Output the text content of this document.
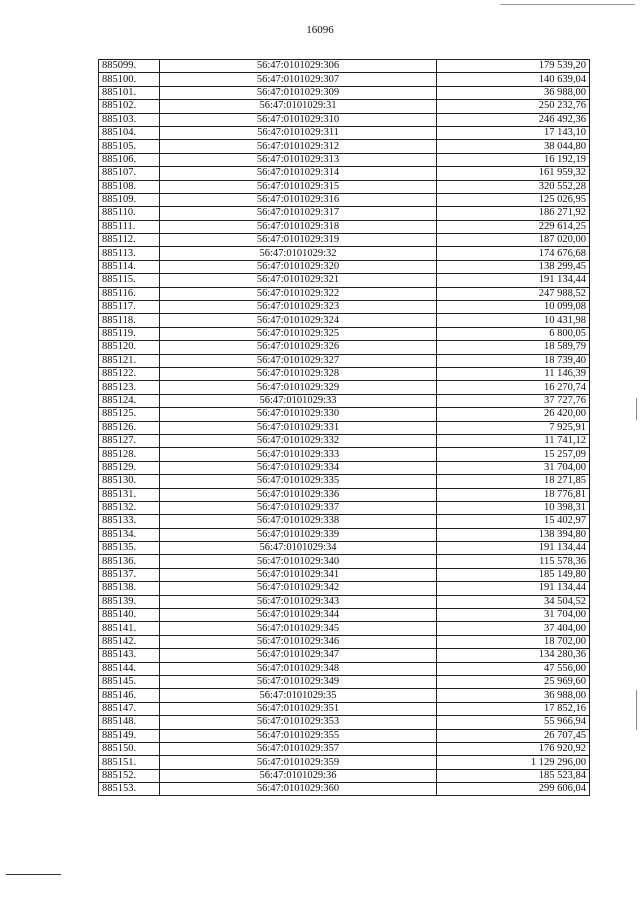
16096
885099.	56:47:0101029:306	179 539,20
885100.	56:47:0101029:307	140 639,04
885101.	56:47:0101029:309	36 988,00
885102.	56:47:0101029:31	250 232,76
885103.	56:47:0101029:310	246 492,36
885104.	56:47:0101029:311	17 143,10
885105.	56:47:0101029:312	38 044,80
885106.	56:47:0101029:313	16 192,19
885107.	56:47:0101029:314	161 959,32
885108.	56:47:0101029:315	320 552,28
885109.	56:47:0101029:316	125 026,95
885110.	56:47:0101029:317	186 271,92
885111.	56:47:0101029:318	229 614,25
885112.	56:47:0101029:319	187 020,00
885113.	56:47:0101029:32	174 676,68
885114.	56:47:0101029:320	138 299,45
885115.	56:47:0101029:321	191 134,44
885116.	56:47:0101029:322	247 988,52
885117.	56:47:0101029:323	10 099,08
885118.	56:47:0101029:324	10 431,98
885119.	56:47:0101029:325	6 800,05
885120.	56:47:0101029:326	18 589,79
885121.	56:47:0101029:327	18 739,40
885122.	56:47:0101029:328	11 146,39
885123.	56:47:0101029:329	16 270,74
885124.	56:47:0101029:33	37 727,76
885125.	56:47:0101029:330	26 420,00
885126.	56:47:0101029:331	7 925,91
885127.	56:47:0101029:332	11 741,12
885128.	56:47:0101029:333	15 257,09
885129.	56:47:0101029:334	31 704,00
885130.	56:47:0101029:335	18 271,85
885131.	56:47:0101029:336	18 776,81
885132.	56:47:0101029:337	10 398,31
885133.	56:47:0101029:338	15 402,97
885134.	56:47:0101029:339	138 394,80
885135.	56:47:0101029:34	191 134,44
885136.	56:47:0101029:340	115 578,36
885137.	56:47:0101029:341	185 149,80
885138.	56:47:0101029:342	191 134,44
885139.	56:47:0101029:343	34 504,52
885140.	56:47:0101029:344	31 704,00
885141.	56:47:0101029:345	37 404,00
885142.	56:47:0101029:346	18 702,00
885143.	56:47:0101029:347	134 280,36
885144.	56:47:0101029:348	47 556,00
885145.	56:47:0101029:349	25 969,60
885146.	56:47:0101029:35	36 988,00
885147.	56:47:0101029:351	17 852,16
885148.	56:47:0101029:353	55 966,94
885149.	56:47:0101029:355	26 707,45
885150.	56:47:0101029:357	176 920,92
885151.	56:47:0101029:359	1 129 296,00
885152.	56:47:0101029:36	185 523,84
885153.	56:47:0101029:360	299 606,04
